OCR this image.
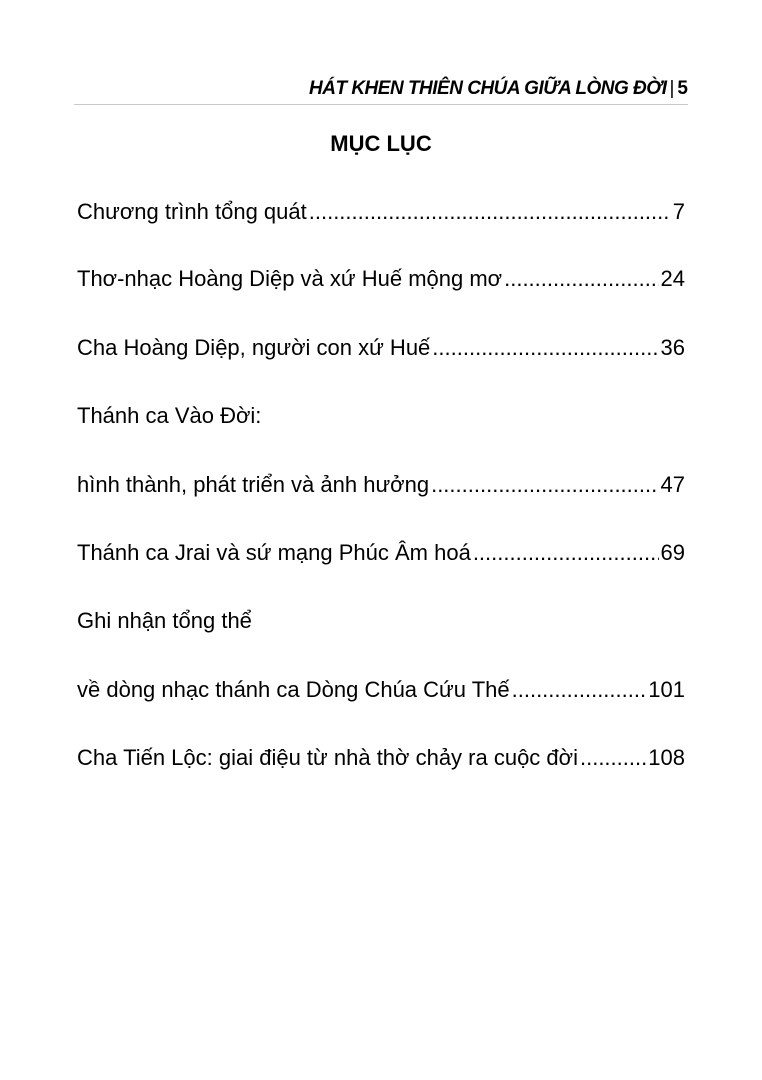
HÁT KHEN THIÊN CHÚA GIỮA LÒNG ĐỜI | 5
MỤC LỤC
Chương trình tổng quát .....	7
Thơ-nhạc Hoàng Diệp và xứ Huế mộng mơ .....	24
Cha Hoàng Diệp, người con xứ Huế .....	36
Thánh ca Vào Đời:
hình thành, phát triển và ảnh hưởng .....	47
Thánh ca Jrai và sứ mạng Phúc Âm hoá .....	69
Ghi nhận tổng thể
về dòng nhạc thánh ca Dòng Chúa Cứu Thế .....	101
Cha Tiến Lộc: giai điệu từ nhà thờ chảy ra cuộc đời .....	108
